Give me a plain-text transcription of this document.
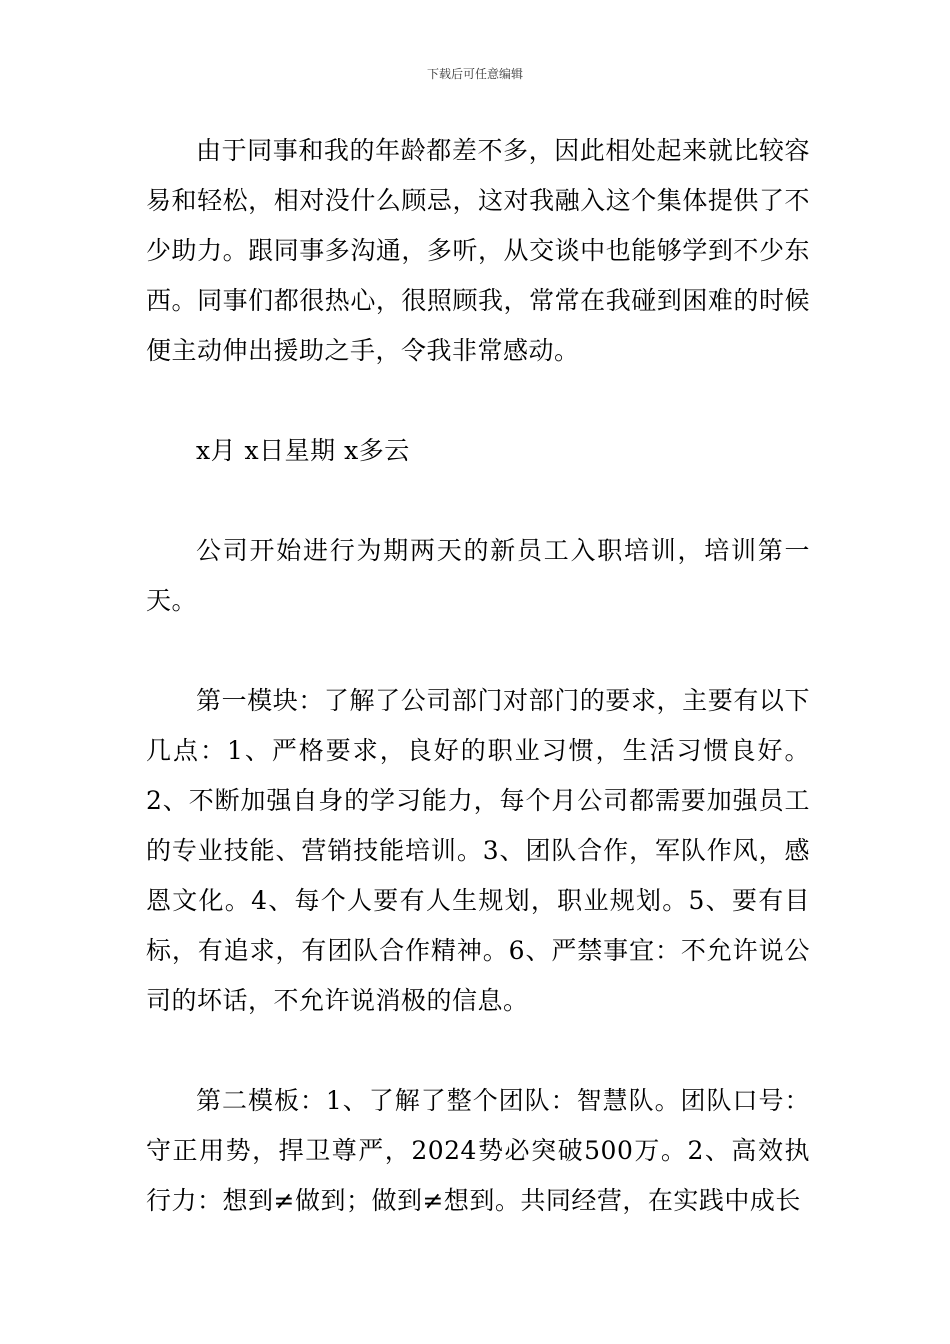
下载后可任意编辑

由于同事和我的年龄都差不多，因此相处起来就比较容易和轻松，相对没什么顾忌，这对我融入这个集体提供了不少助力。跟同事多沟通，多听，从交谈中也能够学到不少东西。同事们都很热心，很照顾我，常常在我碰到困难的时候便主动伸出援助之手，令我非常感动。

x月 x日星期 x多云

公司开始进行为期两天的新员工入职培训，培训第一天。

第一模块：了解了公司部门对部门的要求，主要有以下几点：1、严格要求，良好的职业习惯，生活习惯良好。2、不断加强自身的学习能力，每个月公司都需要加强员工的专业技能、营销技能培训。3、团队合作，军队作风，感恩文化。4、每个人要有人生规划，职业规划。5、要有目标，有追求，有团队合作精神。6、严禁事宜：不允许说公司的坏话，不允许说消极的信息。

第二模板：1、了解了整个团队：智慧队。团队口号：守正用势，捍卫尊严，2024势必突破500万。2、高效执行力：想到≠做到；做到≠想到。共同经营，在实践中成长
